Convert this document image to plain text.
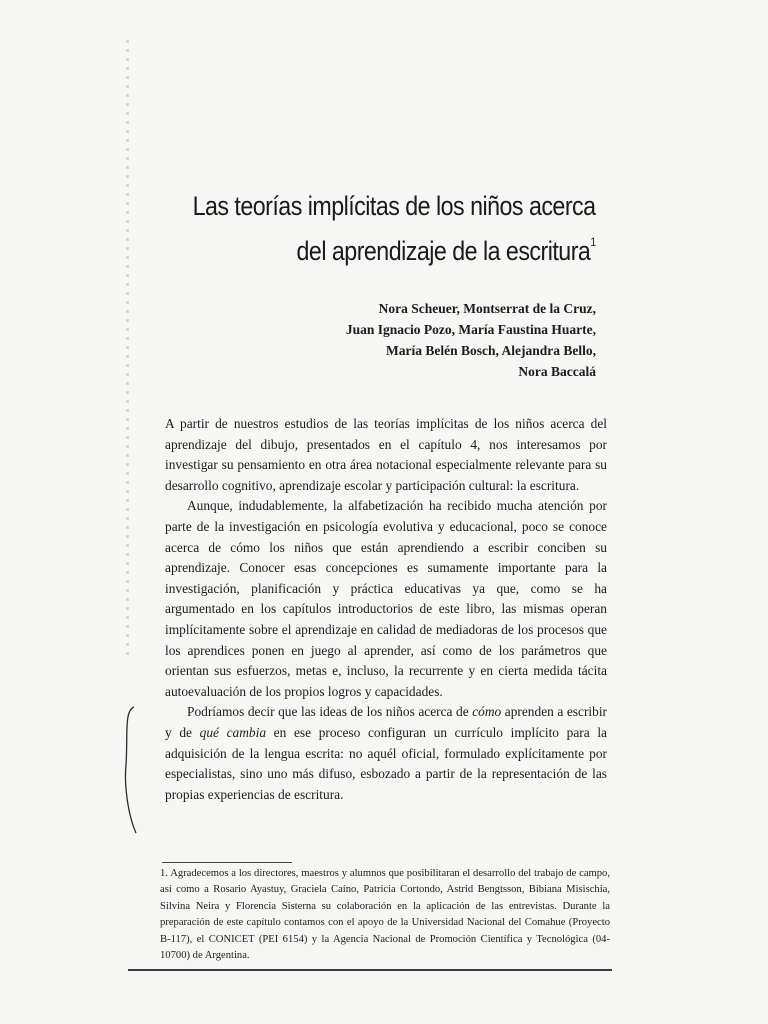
Las teorías implícitas de los niños acerca
del aprendizaje de la escritura$^1$
Nora Scheuer, Montserrat de la Cruz,
Juan Ignacio Pozo, María Faustina Huarte,
María Belén Bosch, Alejandra Bello,
Nora Baccalá

A partir de nuestros estudios de las teorías implícitas de los niños acerca del aprendizaje del dibujo, presentados en el capítulo 4, nos interesamos por investigar su pensamiento en otra área notacional especialmente relevante para su desarrollo cognitivo, aprendizaje escolar y participación cultural: la escritura.

Aunque, indudablemente, la alfabetización ha recibido mucha atención por parte de la investigación en psicología evolutiva y educacional, poco se conoce acerca de cómo los niños que están aprendiendo a escribir conciben su aprendizaje. Conocer esas concepciones es sumamente importante para la investigación, planificación y práctica educativas ya que, como se ha argumentado en los capítulos introductorios de este libro, las mismas operan implícitamente sobre el aprendizaje en calidad de mediadoras de los procesos que los aprendices ponen en juego al aprender, así como de los parámetros que orientan sus esfuerzos, metas e, incluso, la recurrente y en cierta medida tácita autoevaluación de los propios logros y capacidades.

Podríamos decir que las ideas de los niños acerca de cómo aprenden a escribir y de qué cambia en ese proceso configuran un currículo implícito para la adquisición de la lengua escrita: no aquél oficial, formulado explícitamente por especialistas, sino uno más difuso, esbozado a partir de la representación de las propias experiencias de escritura.

1. Agradecemos a los directores, maestros y alumnos que posibilitaran el desarrollo del trabajo de campo, así como a Rosario Ayastuy, Graciela Caíno, Patricia Cortondo, Astrid Bengtsson, Bibiana Misischia, Silvina Neira y Florencia Sisterna su colaboración en la aplicación de las entrevistas. Durante la preparación de este capítulo contamos con el apoyo de la Universidad Nacional del Comahue (Proyecto B-117), el CONICET (PEI 6154) y la Agencia Nacional de Promoción Científica y Tecnológica (04-10700) de Argentina.
